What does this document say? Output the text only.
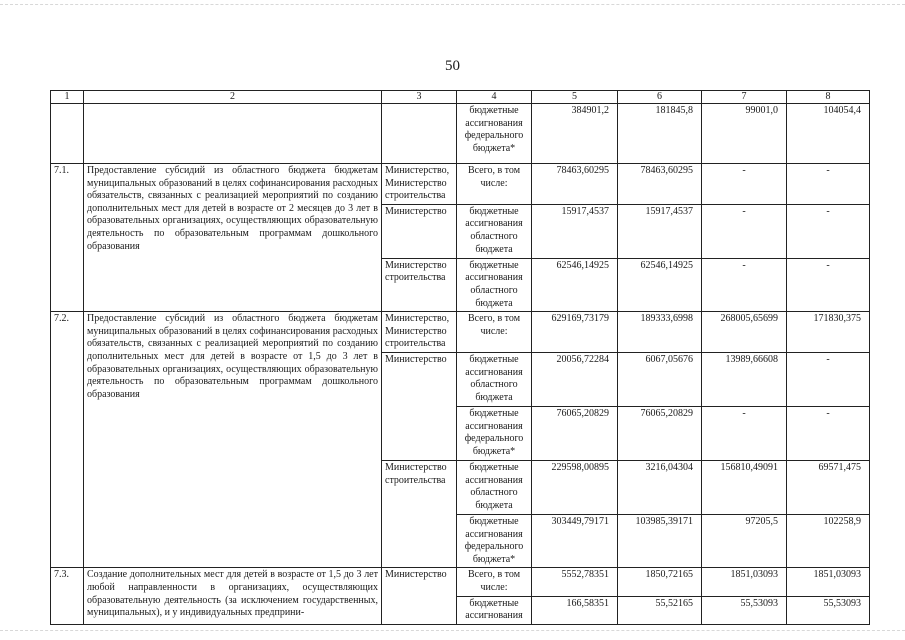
50
1	2	3	4	5	6	7	8
			бюджетные ассигнования федерального бюджета*	384901,2	181845,8	99001,0	104054,4
7.1.	Предоставление субсидий из областного бюджета бюджетам муниципальных образований в целях софинансирования расходных обязательств, связанных с реализацией мероприятий по созданию дополнительных мест для детей в возрасте от 2 месяцев до 3 лет в образовательных организациях, осуществляющих образовательную деятельность по образовательным программам дошкольного образования	Министерство, Министерство строительства	Всего, в том числе:	78463,60295	78463,60295	-	-
		Министерство	бюджетные ассигнования областного бюджета	15917,4537	15917,4537	-	-
		Министерство строительства	бюджетные ассигнования областного бюджета	62546,14925	62546,14925	-	-
7.2.	Предоставление субсидий из областного бюджета бюджетам муниципальных образований в целях софинансирования расходных обязательств, связанных с реализацией мероприятий по созданию дополнительных мест для детей в возрасте от 1,5 до 3 лет в образовательных организациях, осуществляющих образовательную деятельность по образовательным программам дошкольного образования	Министерство, Министерство строительства	Всего, в том числе:	629169,73179	189333,6998	268005,65699	171830,375
		Министерство	бюджетные ассигнования областного бюджета	20056,72284	6067,05676	13989,66608	-
			бюджетные ассигнования федерального бюджета*	76065,20829	76065,20829	-	-
		Министерство строительства	бюджетные ассигнования областного бюджета	229598,00895	3216,04304	156810,49091	69571,475
			бюджетные ассигнования федерального бюджета*	303449,79171	103985,39171	97205,5	102258,9
7.3.	Создание дополнительных мест для детей в возрасте от 1,5 до 3 лет любой направленности в организациях, осуществляющих образовательную деятельность (за исключением государственных, муниципальных), и у индивидуальных предприни-	Министерство	Всего, в том числе:	5552,78351	1850,72165	1851,03093	1851,03093
			бюджетные ассигнования	166,58351	55,52165	55,53093	55,53093
